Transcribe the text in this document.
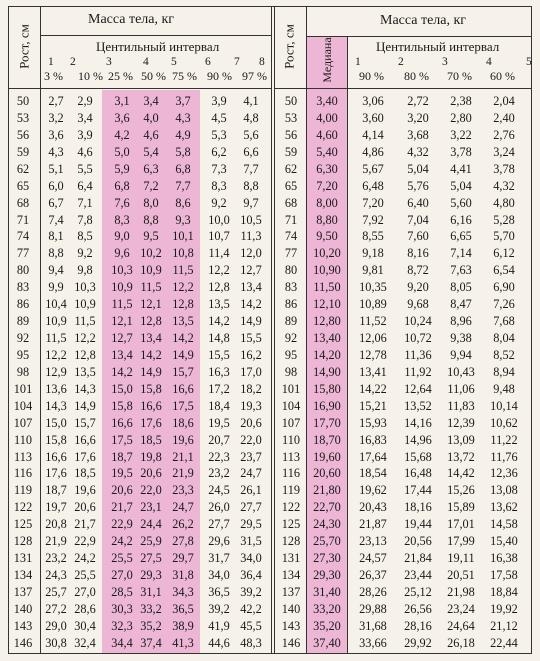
Рост, см
Масса тела, кг
Центильный интервал
1 2	3	4 5 6 7 8
3 % 10 % 25 % 50 % 75 % 90 % 97 %
Рост, см
Масса тела, кг
Медиана	Центильный интервал
1	2	3	4	5
90 % 80 % 70 % 60 %
50	2,7	2,9	3,1	3,4	3,7	3,9	4,1
53	3,2	3,4	3,6	4,0	4,3	4,5	4,8
56	3,6	3,9	4,2	4,6	4,9	5,3	5,6
59	4,3	4,6	5,0	5,4	5,8	6,2	6,6
62	5,1	5,5	5,9	6,3	6,8	7,3	7,7
65	6,0	6,4	6,8	7,2	7,7	8,3	8,8
68	6,7	7,1	7,6	8,0	8,6	9,2	9,7
71	7,4	7,8	8,3	8,8	9,3	10,0 10,5
74	8,1	8,5	9,0	9,5	10,1	10,7 11,3
77	8,8	9,2	9,6 10,2 10,8	11,4 12,0
80	9,4	9,8	10,3 10,9 11,5	12,2 12,7
83	9,9 10,3	10,9 11,5 12,2	12,8 13,4
86	10,4 10,9	11,5 12,1 12,8	13,5 14,2
89	10,9 11,5	12,1 12,8 13,5	14,2 14,9
92	11,5 12,2	12,7 13,4 14,2	14,8 15,5
95	12,2 12,8	13,4 14,2 14,9	15,5 16,2
98	12,9 13,5	14,2 14,9 15,7	16,3 17,0
101	13,6 14,3	15,0 15,8 16,6	17,2 18,2
104	14,3 14,9	15,8 16,6 17,5	18,4 19,3
107	15,0 15,7	16,6 17,6 18,6	19,5 20,6
110	15,8 16,6	17,5 18,5 19,6	20,7 22,0
113	16,6 17,6	18,7 19,8 21,1	22,3 23,7
116	17,6 18,5	19,5 20,6 21,9	23,2 24,7
119	18,7 19,6	20,6 22,0 23,3	24,5 26,1
122	19,7 20,6	21,7 23,1 24,7	26,0 27,7
125	20,8 21,7	22,9 24,4 26,2	27,7 29,5
128	21,9 22,9	24,2 25,9 27,8	29,6 31,5
131	23,2 24,2	25,5 27,5 29,7	31,7 34,0
134	24,3 25,5	27,0 29,3 31,8	34,0 36,4
137	25,7 27,0	28,5 31,1 34,3	36,5 39,2
140	27,2 28,6	30,3 33,2 36,5	39,2 42,2
143	29,0 30,4	32,3 35,2 38,9	41,9 45,5
146	30,8 32,4	34,4 37,4 41,3	44,6 48,3
50	3,40	3,06	2,72	2,38	2,04
53	4,00	3,60	3,20	2,80	2,40
56	4,60	4,14	3,68	3,22	2,76
59	5,40	4,86	4,32	3,78	3,24
62	6,30	5,67	5,04	4,41	3,78
65	7,20	6,48	5,76	5,04	4,32
68	8,00	7,20	6,40	5,60	4,80
71	8,80	7,92	7,04	6,16	5,28
74	9,50	8,55	7,60	6,65	5,70
77	10,20	9,18	8,16	7,14	6,12
80	10,90	9,81	8,72	7,63	6,54
83	11,50	10,35	9,20	8,05	6,90
86	12,10	10,89	9,68	8,47	7,26
89	12,80	11,52	10,24	8,96	7,68
92	13,40	12,06	10,72	9,38	8,04
95	14,20	12,78	11,36	9,94	8,52
98	14,90	13,41	11,92	10,43	8,94
101	15,80	14,22	12,64	11,06	9,48
104	16,90	15,21	13,52	11,83	10,14
107	17,70	15,93	14,16	12,39	10,62
110	18,70	16,83	14,96	13,09	11,22
113	19,60	17,64	15,68	13,72	11,76
116	20,60	18,54	16,48	14,42	12,36
119	21,80	19,62	17,44	15,26	13,08
122	22,70	20,43	18,16	15,89	13,62
125	24,30	21,87	19,44	17,01	14,58
128	25,70	23,13	20,56	17,99	15,40
131	27,30	24,57	21,84	19,11	16,38
134	29,30	26,37	23,44	20,51	17,58
137	31,40	28,26	25,12	21,98	18,84
140	33,20	29,88	26,56	23,24	19,92
143	35,20	31,68	28,16	24,64	21,12
146	37,40	33,66	29,92	26,18	22,44
